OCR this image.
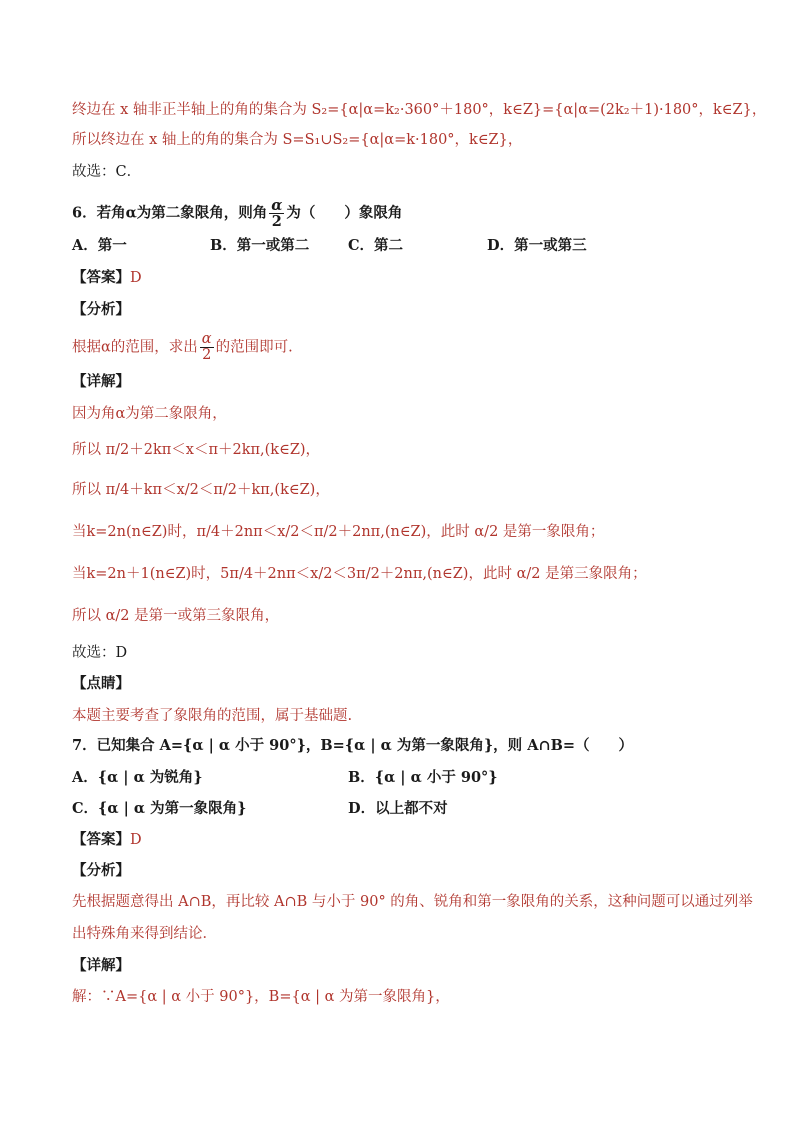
终边在 x 轴非正半轴上的角的集合为 S₂={α|α=k₂·360°＋180°，k∈Z}={α|α=(2k₂＋1)·180°，k∈Z}，
所以终边在 x 轴上的角的集合为 S=S₁∪S₂={α|α=k·180°，k∈Z}，
故选：C．
6．若角α为第二象限角，则角 $\frac{\alpha}{2}$ 为（　　）象限角
A．第一	B．第一或第二	C．第二	D．第一或第三
【答案】D
【分析】
根据α的范围，求出 $\frac{\alpha}{2}$ 的范围即可.
【详解】
因为角α为第二象限角，
所以 π/2＋2kπ＜x＜π＋2kπ,(k∈Z)，
所以 π/4＋kπ＜x/2＜π/2＋kπ,(k∈Z)，
当k=2n(n∈Z)时，π/4＋2nπ＜x/2＜π/2＋2nπ,(n∈Z)，此时 α/2 是第一象限角；
当k=2n＋1(n∈Z)时，5π/4＋2nπ＜x/2＜3π/2＋2nπ,(n∈Z)，此时 α/2 是第三象限角；
所以 α/2 是第一或第三象限角，
故选：D
【点睛】
本题主要考查了象限角的范围，属于基础题.
7．已知集合 A={α | α 小于 90°}，B={α | α 为第一象限角}，则 A∩B=（　　）
A．{α | α 为锐角}	B．{α | α 小于 90°}
C．{α | α 为第一象限角}	D．以上都不对
【答案】D
【分析】
先根据题意得出 A∩B，再比较 A∩B 与小于 90° 的角、锐角和第一象限角的关系，这种问题可以通过列举
出特殊角来得到结论．
【详解】
解：∵A={α | α 小于 90°}，B={α | α 为第一象限角}，
